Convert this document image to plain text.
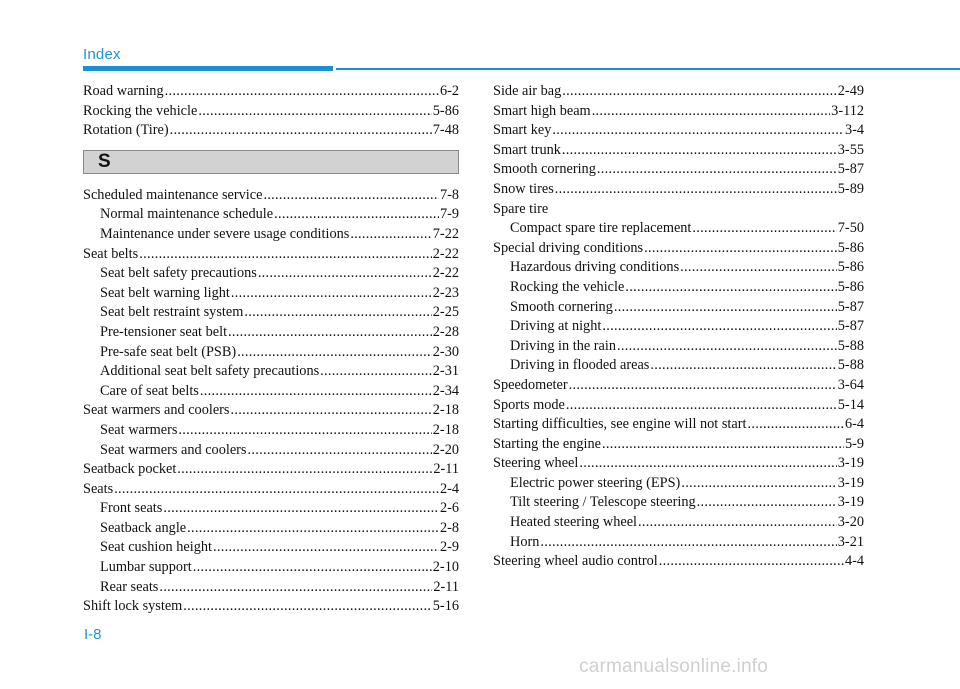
Index
Road warning .....	6-2
Rocking the vehicle .....	5-86
Rotation (Tire) .....	7-48
S
Scheduled maintenance service .....	7-8
Normal maintenance schedule .....	7-9
Maintenance under severe usage conditions .....	7-22
Seat belts .....	2-22
Seat belt safety precautions .....	2-22
Seat belt warning light .....	2-23
Seat belt restraint system .....	2-25
Pre-tensioner seat belt .....	2-28
Pre-safe seat belt (PSB) .....	2-30
Additional seat belt safety precautions .....	2-31
Care of seat belts .....	2-34
Seat warmers and coolers .....	2-18
Seat warmers .....	2-18
Seat warmers and coolers .....	2-20
Seatback pocket .....	2-11
Seats .....	2-4
Front seats .....	2-6
Seatback angle .....	2-8
Seat cushion height .....	2-9
Lumbar support .....	2-10
Rear seats .....	2-11
Shift lock system .....	5-16
Side air bag .....	2-49
Smart high beam .....	3-112
Smart key .....	3-4
Smart trunk .....	3-55
Smooth cornering .....	5-87
Snow tires .....	5-89
Spare tire
Compact spare tire replacement .....	7-50
Special driving conditions .....	5-86
Hazardous driving conditions .....	5-86
Rocking the vehicle .....	5-86
Smooth cornering .....	5-87
Driving at night .....	5-87
Driving in the rain .....	5-88
Driving in flooded areas .....	5-88
Speedometer .....	3-64
Sports mode .....	5-14
Starting difficulties, see engine will not start .....	6-4
Starting the engine .....	5-9
Steering wheel .....	3-19
Electric power steering (EPS) .....	3-19
Tilt steering / Telescope steering .....	3-19
Heated steering wheel .....	3-20
Horn .....	3-21
Steering wheel audio control .....	4-4
I-8
carmanualsonline.info
